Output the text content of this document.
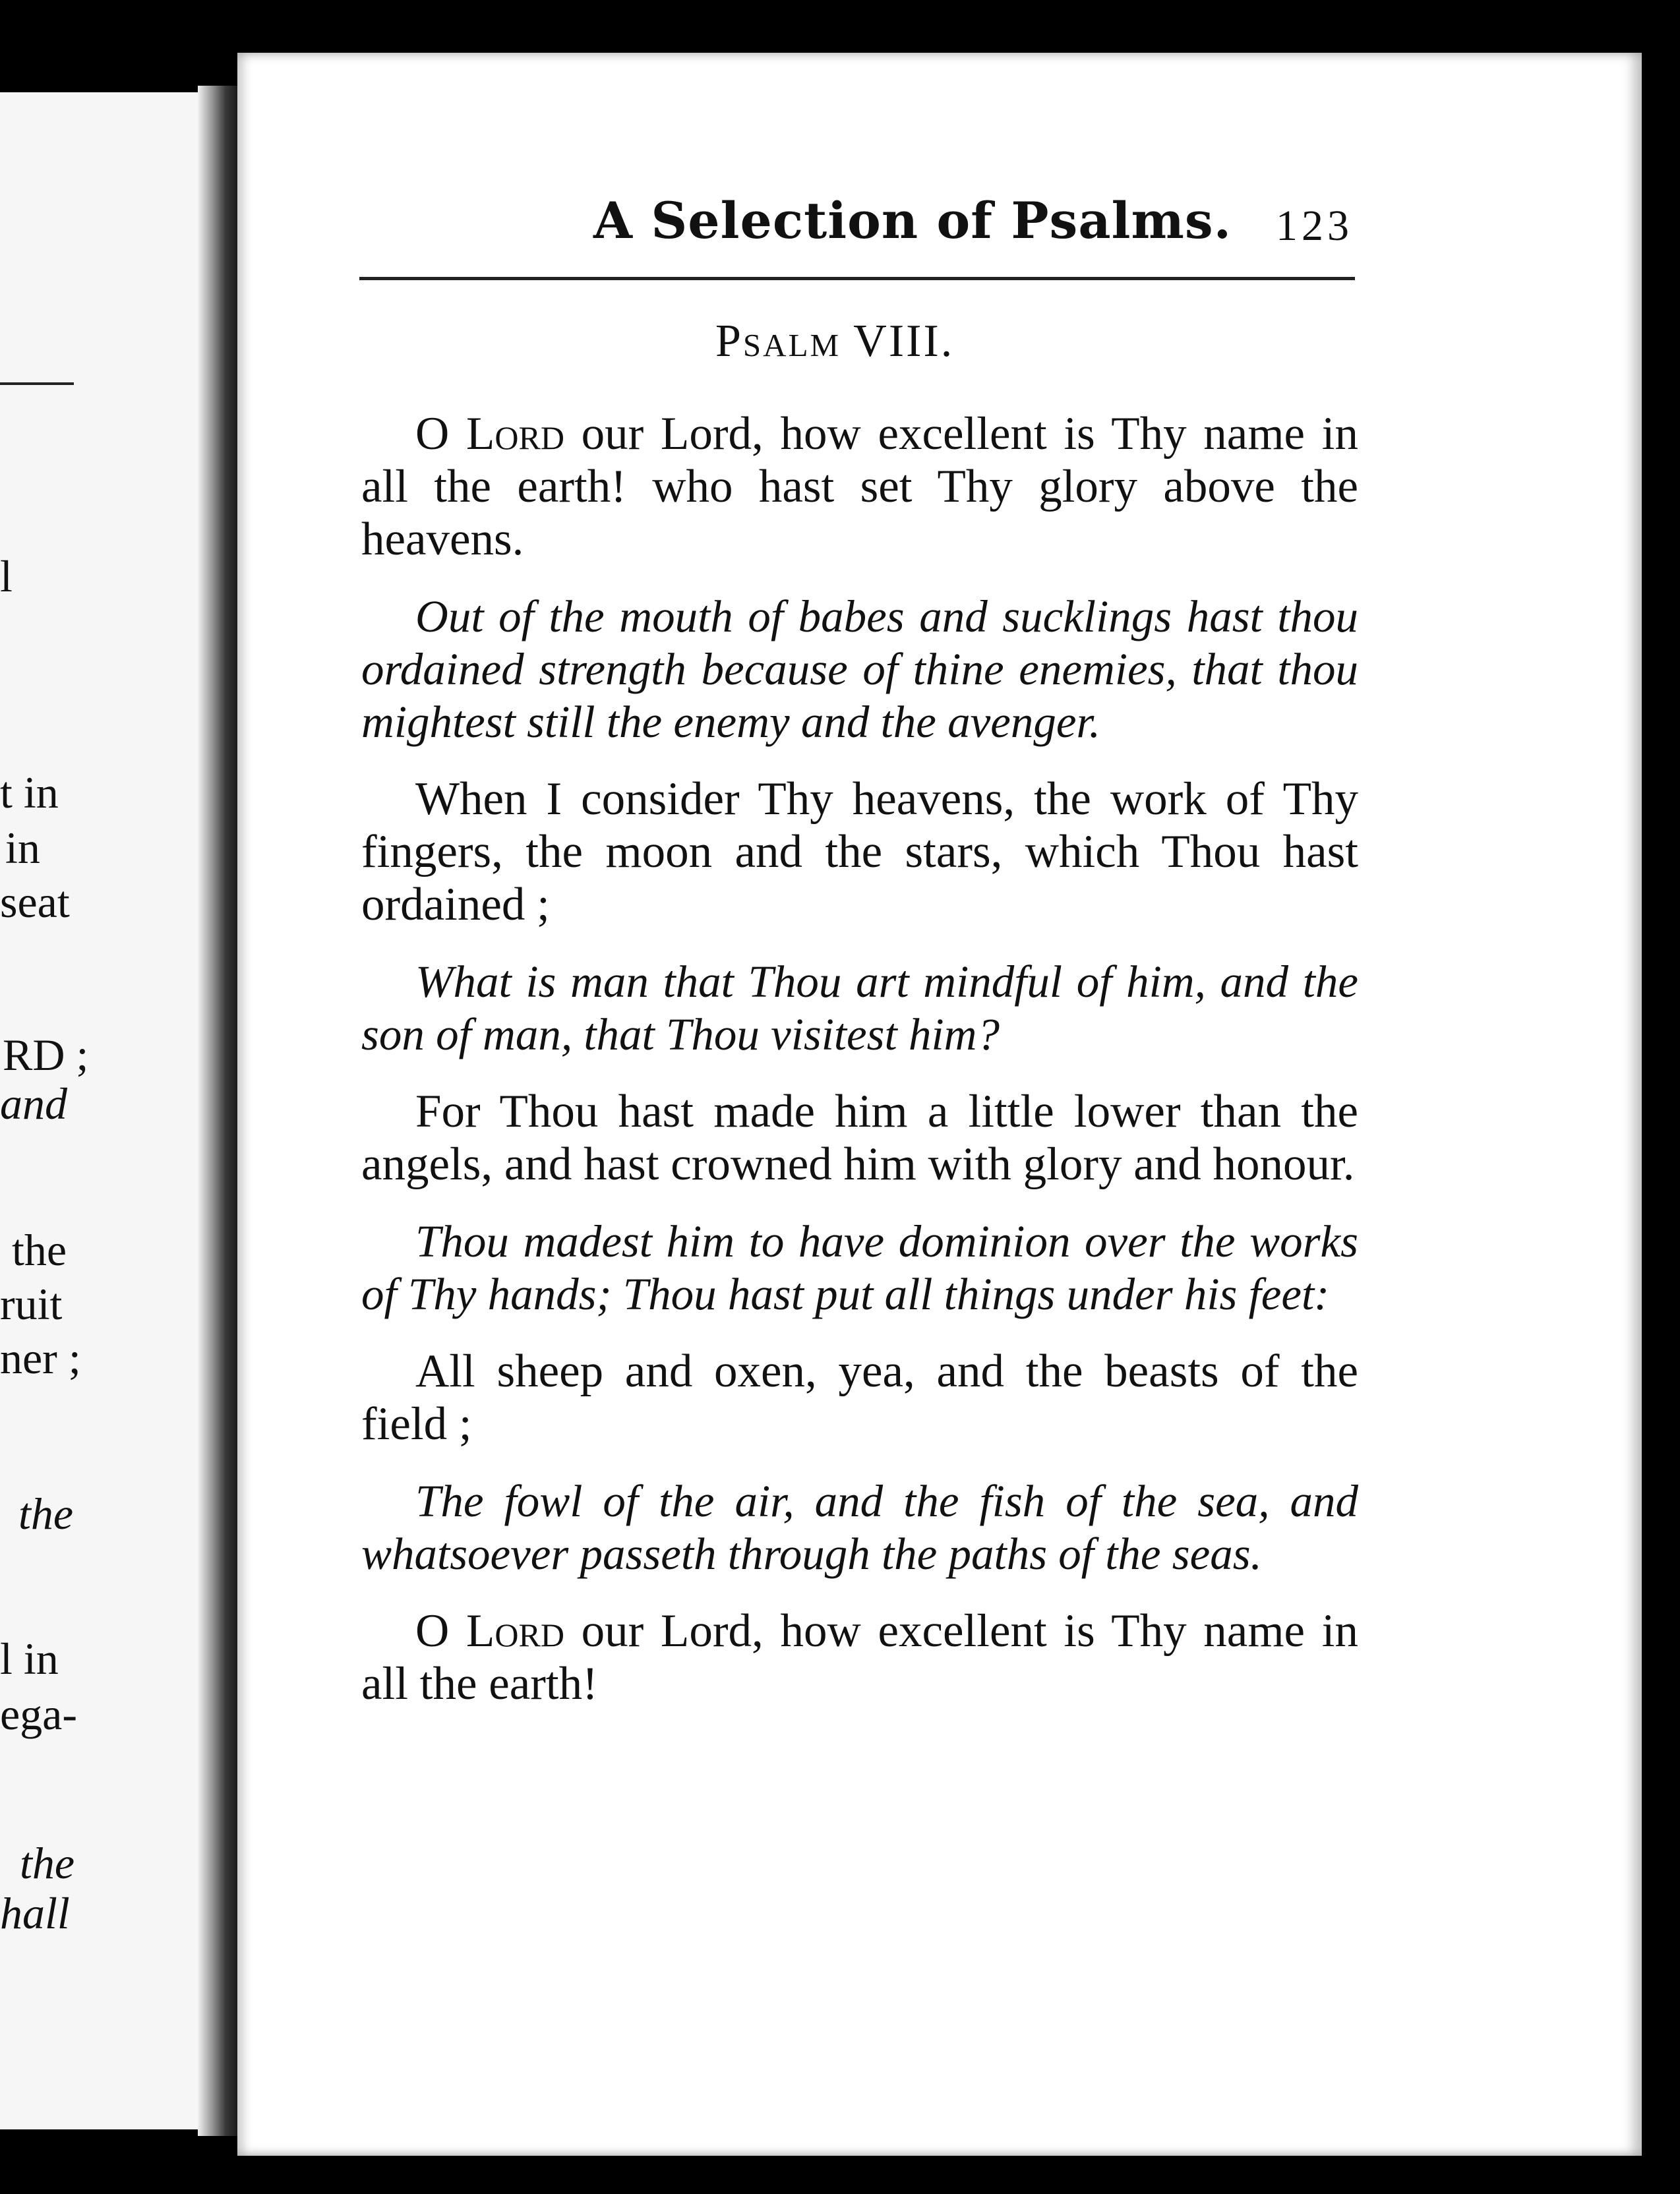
l
t in
in
seat
RD ;
and
the
ruit
ner ;
the
l in
ega-
the
hall
A Selection of Psalms. 123
Psalm VIII.

O Lord our Lord, how excellent is Thy name in all the earth! who hast set Thy glory above the heavens.

Out of the mouth of babes and sucklings hast thou ordained strength because of thine enemies, that thou mightest still the enemy and the avenger.

When I consider Thy heavens, the work of Thy fingers, the moon and the stars, which Thou hast ordained ;

What is man that Thou art mindful of him, and the son of man, that Thou visitest him?

For Thou hast made him a little lower than the angels, and hast crowned him with glory and honour.

Thou madest him to have dominion over the works of Thy hands; Thou hast put all things under his feet:

All sheep and oxen, yea, and the beasts of the field ;

The fowl of the air, and the fish of the sea, and whatsoever passeth through the paths of the seas.

O Lord our Lord, how excellent is Thy name in all the earth!
